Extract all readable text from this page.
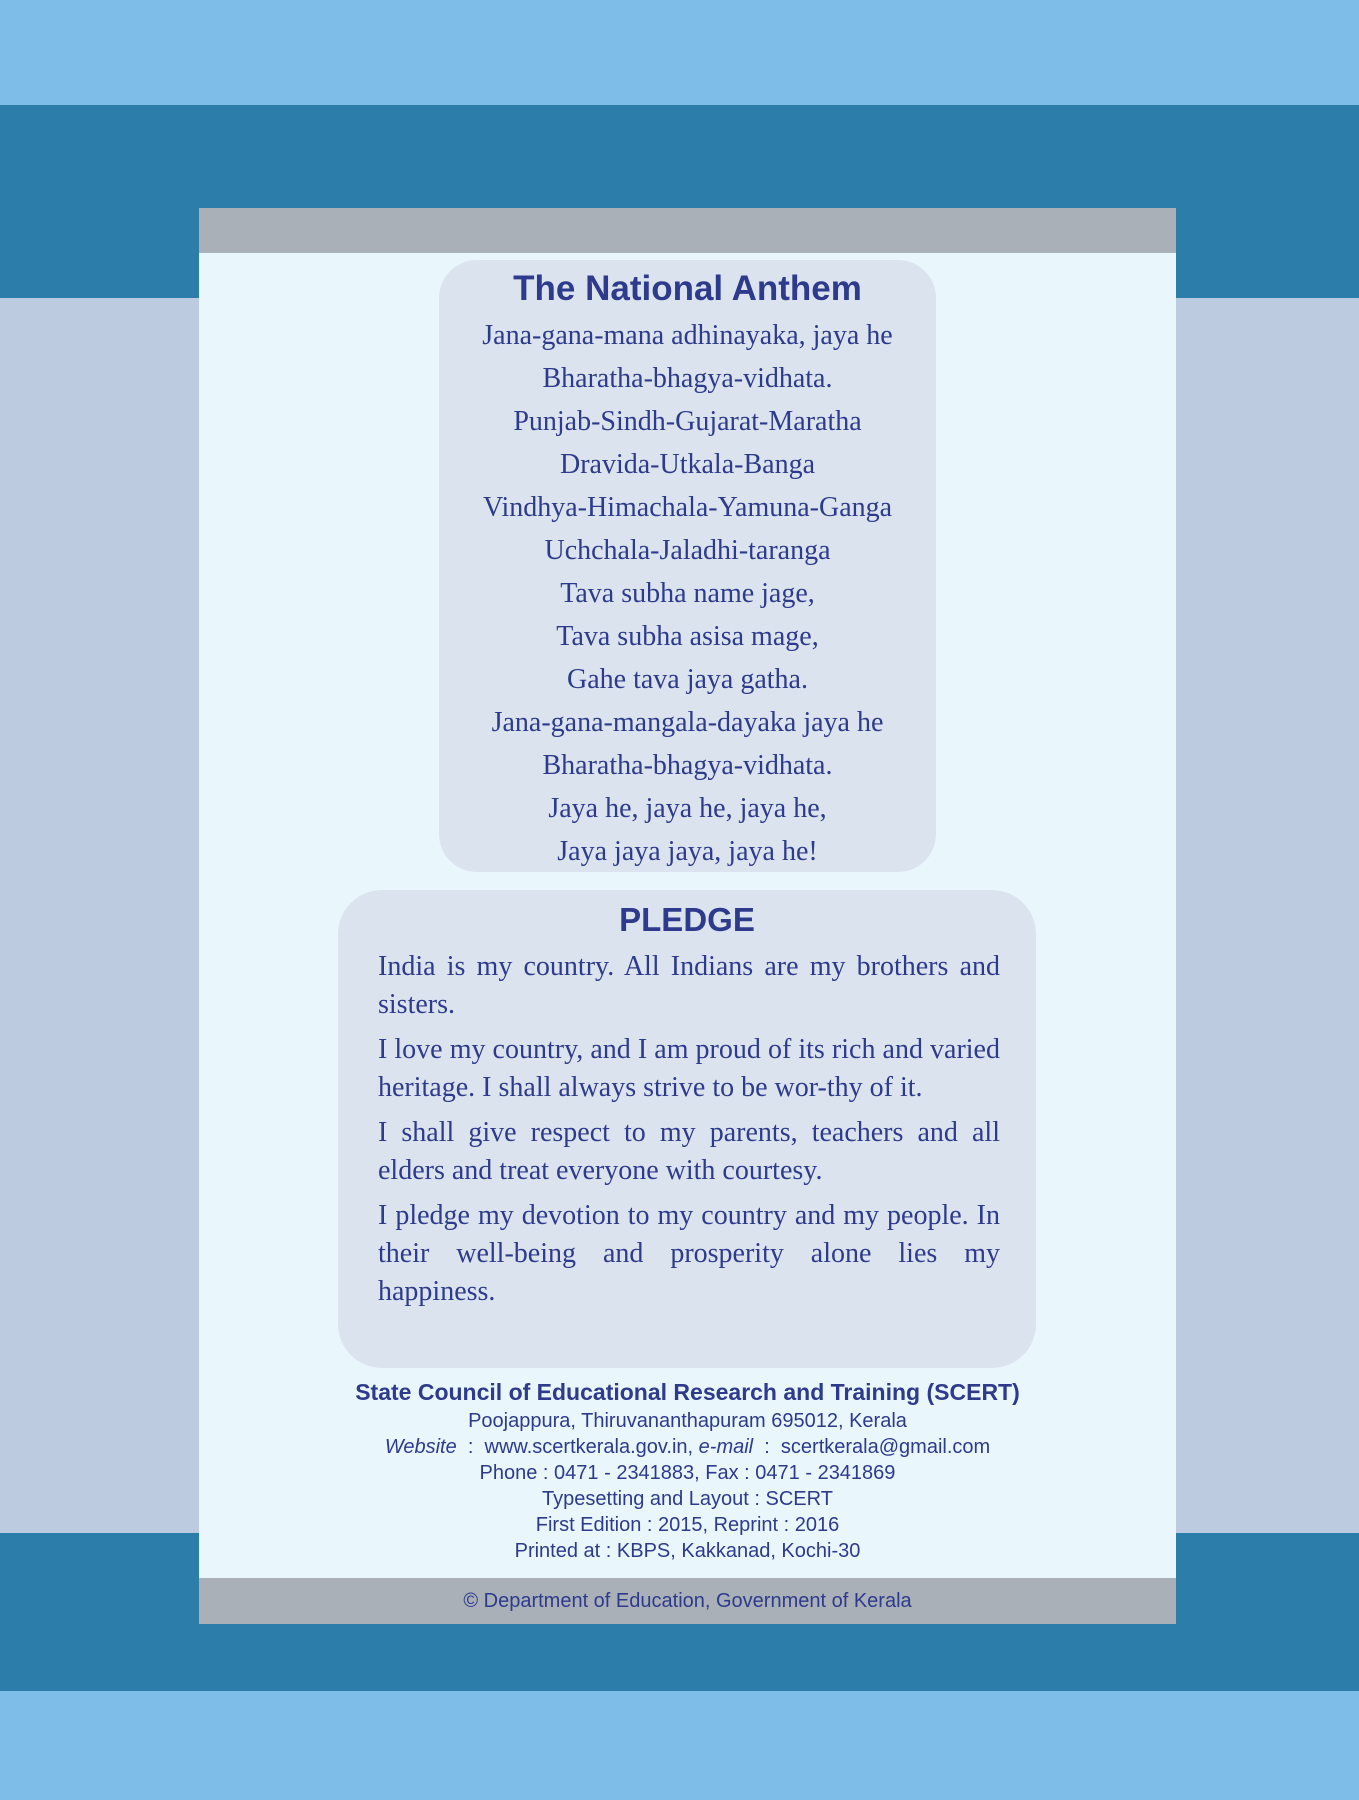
The National Anthem
Jana-gana-mana adhinayaka, jaya he
Bharatha-bhagya-vidhata.
Punjab-Sindh-Gujarat-Maratha
Dravida-Utkala-Banga
Vindhya-Himachala-Yamuna-Ganga
Uchchala-Jaladhi-taranga
Tava subha name jage,
Tava subha asisa mage,
Gahe tava jaya gatha.
Jana-gana-mangala-dayaka jaya he
Bharatha-bhagya-vidhata.
Jaya he, jaya he, jaya he,
Jaya jaya jaya, jaya he!
PLEDGE

India is my country. All Indians are my brothers and sisters.

I love my country, and I am proud of its rich and varied heritage. I shall always strive to be wor-thy of it.

I shall give respect to my parents, teachers and all elders and treat everyone with courtesy.

I pledge my devotion to my country and my people. In their well-being and prosperity alone lies my happiness.

State Council of Educational Research and Training (SCERT)
Poojappura, Thiruvananthapuram 695012, Kerala
Website  :  www.scertkerala.gov.in, e-mail  :  scertkerala@gmail.com
Phone : 0471 - 2341883, Fax : 0471 - 2341869
Typesetting and Layout : SCERT
First Edition : 2015, Reprint : 2016
Printed at : KBPS, Kakkanad, Kochi-30
© Department of Education, Government of Kerala
